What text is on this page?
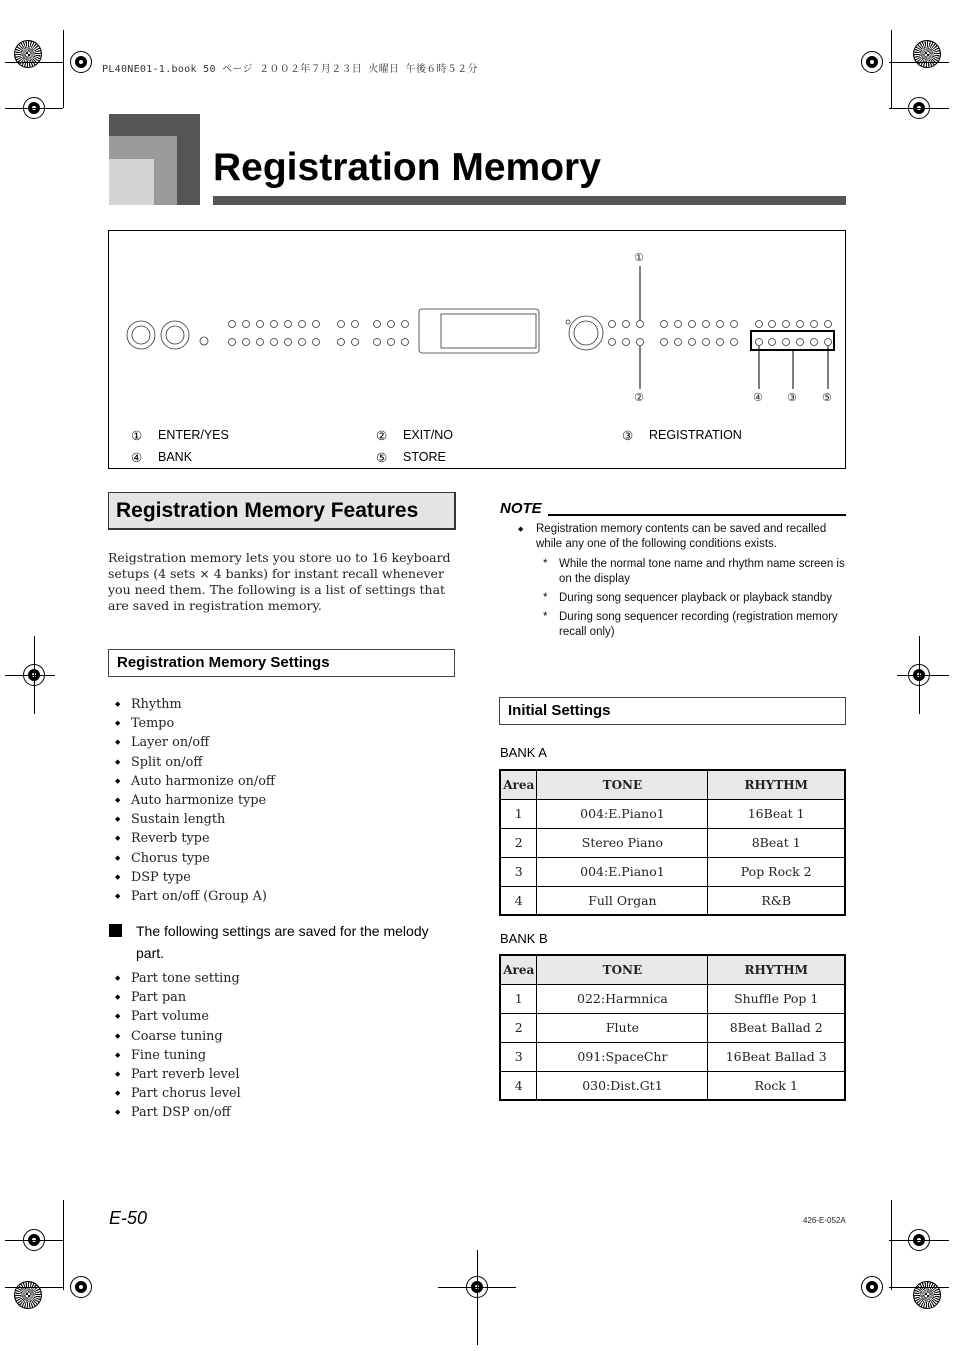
PL40NE01-1.book 50 ページ ２００２年７月２３日 火曜日 午後６時５２分
Registration Memory
①
②	③
④	⑤
① ENTER/YES	② EXIT/NO	③ REGISTRATION
④ BANK	⑤ STORE
Registration Memory Features

Reigstration memory lets you store uo to 16 keyboard setups (4 sets × 4 banks) for instant recall whenever you need them. The following is a list of settings that are saved in registration memory.

Registration Memory Settings
◆ Rhythm
◆ Tempo
◆ Layer on/off
◆ Split on/off
◆ Auto harmonize on/off
◆ Auto harmonize type
◆ Sustain length
◆ Reverb type
◆ Chorus type
◆ DSP type
◆ Part on/off (Group A)
The following settings are saved for the melody part.
◆ Part tone setting
◆ Part pan
◆ Part volume
◆ Coarse tuning
◆ Fine tuning
◆ Part reverb level
◆ Part chorus level
◆ Part DSP on/off
NOTE
◆ Registration memory contents can be saved and recalled while any one of the following conditions exists.
* While the normal tone name and rhythm name screen is on the display
* During song sequencer playback or playback standby
* During song sequencer recording (registration memory recall only)
Initial Settings
BANK A
Area	TONE	RHYTHM
1	004:E.Piano1	16Beat 1
2	Stereo Piano	8Beat 1
3	004:E.Piano1	Pop Rock 2
4	Full Organ	R&B
BANK B
Area	TONE	RHYTHM
1	022:Harmnica	Shuffle Pop 1
2	Flute	8Beat Ballad 2
3	091:SpaceChr	16Beat Ballad 3
4	030:Dist.Gt1	Rock 1
E-50	426-E-052A
